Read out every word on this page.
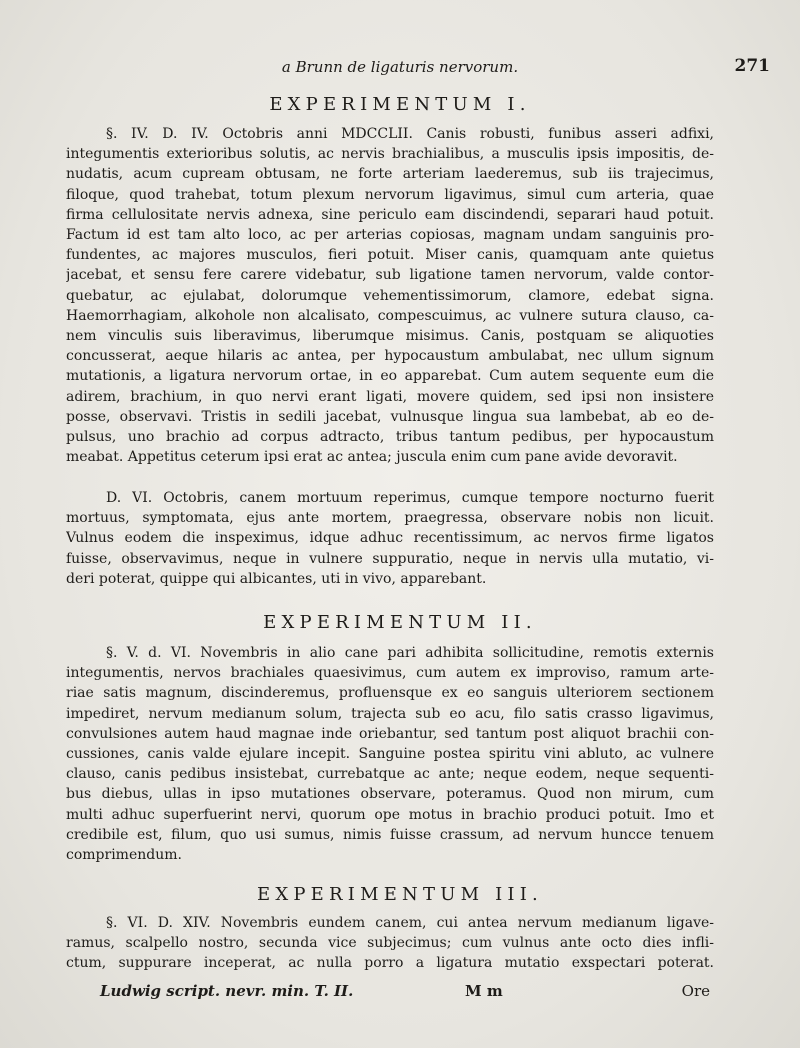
a Brunn de ligaturis nervorum.	271
EXPERIMENTUM I.
§. IV. D. IV. Octobris anni MDCCLII. Canis robusti, funibus asseri adfixi,
integumentis exterioribus solutis, ac nervis brachialibus, a musculis ipsis impositis, de-
nudatis, acum cupream obtusam, ne forte arteriam laederemus, sub iis trajecimus,
filoque, quod trahebat, totum plexum nervorum ligavimus, simul cum arteria, quae
firma cellulositate nervis adnexa, sine periculo eam discindendi, separari haud potuit.
Factum id est tam alto loco, ac per arterias copiosas, magnam undam sanguinis pro-
fundentes, ac majores musculos, fieri potuit. Miser canis, quamquam ante quietus
jacebat, et sensu fere carere videbatur, sub ligatione tamen nervorum, valde contor-
quebatur, ac ejulabat, dolorumque vehementissimorum, clamore, edebat signa.
Haemorrhagiam, alkohole non alcalisato, compescuimus, ac vulnere sutura clauso, ca-
nem vinculis suis liberavimus, liberumque misimus. Canis, postquam se aliquoties
concusserat, aeque hilaris ac antea, per hypocaustum ambulabat, nec ullum signum
mutationis, a ligatura nervorum ortae, in eo apparebat. Cum autem sequente eum die
adirem, brachium, in quo nervi erant ligati, movere quidem, sed ipsi non insistere
posse, observavi. Tristis in sedili jacebat, vulnusque lingua sua lambebat, ab eo de-
pulsus, uno brachio ad corpus adtracto, tribus tantum pedibus, per hypocaustum
meabat. Appetitus ceterum ipsi erat ac antea; juscula enim cum pane avide devoravit.
D. VI. Octobris, canem mortuum reperimus, cumque tempore nocturno fuerit
mortuus, symptomata, ejus ante mortem, praegressa, observare nobis non licuit.
Vulnus eodem die inspeximus, idque adhuc recentissimum, ac nervos firme ligatos
fuisse, observavimus, neque in vulnere suppuratio, neque in nervis ulla mutatio, vi-
deri poterat, quippe qui albicantes, uti in vivo, apparebant.
EXPERIMENTUM II.
§. V. d. VI. Novembris in alio cane pari adhibita sollicitudine, remotis externis
integumentis, nervos brachiales quaesivimus, cum autem ex improviso, ramum arte-
riae satis magnum, discinderemus, profluensque ex eo sanguis ulteriorem sectionem
impediret, nervum medianum solum, trajecta sub eo acu, filo satis crasso ligavimus,
convulsiones autem haud magnae inde oriebantur, sed tantum post aliquot brachii con-
cussiones, canis valde ejulare incepit. Sanguine postea spiritu vini abluto, ac vulnere
clauso, canis pedibus insistebat, currebatque ac ante; neque eodem, neque sequenti-
bus diebus, ullas in ipso mutationes observare, poteramus. Quod non mirum, cum
multi adhuc superfuerint nervi, quorum ope motus in brachio produci potuit. Imo et
credibile est, filum, quo usi sumus, nimis fuisse crassum, ad nervum huncce tenuem
comprimendum.
EXPERIMENTUM III.
§. VI. D. XIV. Novembris eundem canem, cui antea nervum medianum ligave-
ramus, scalpello nostro, secunda vice subjecimus; cum vulnus ante octo dies infli-
ctum, suppurare inceperat, ac nulla porro a ligatura mutatio exspectari poterat.
Ludwig script. nevr. min. T. II.	M m	Ore
